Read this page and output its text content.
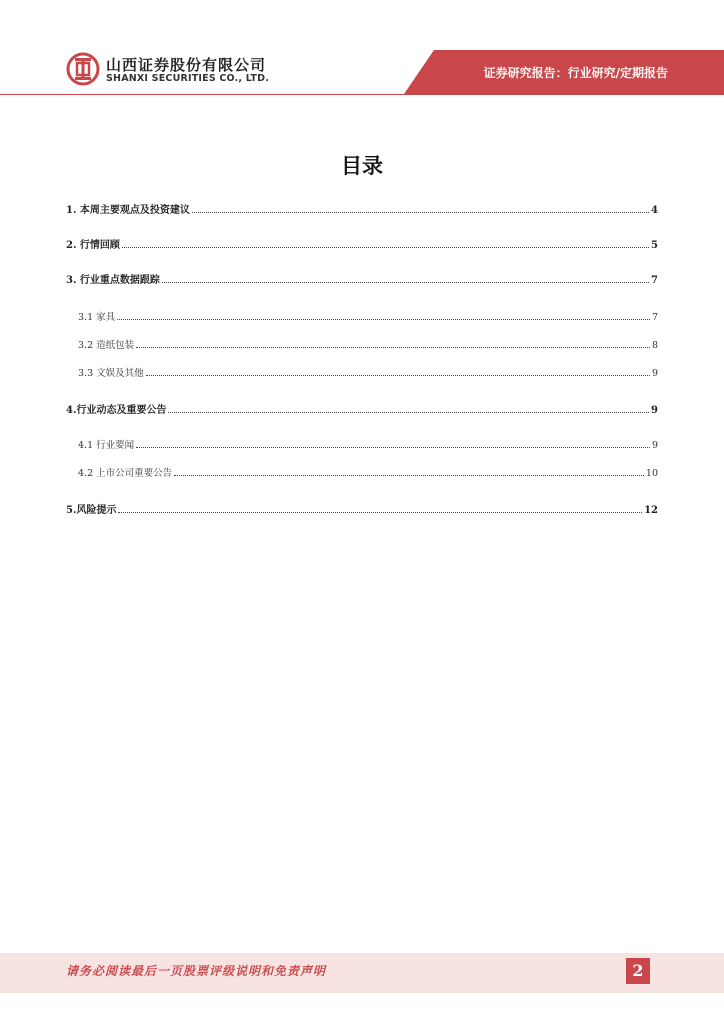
山西证券股份有限公司
SHANXI SECURITIES CO., LTD.	证券研究报告：行业研究/定期报告
目录
1. 本周主要观点及投资建议	4
2. 行情回顾	5
3. 行业重点数据跟踪	7
3.1 家具	7
3.2 造纸包装	8
3.3 文娱及其他	9
4.行业动态及重要公告	9
4.1 行业要闻	9
4.2 上市公司重要公告	10
5.风险提示	12
请务必阅读最后一页股票评级说明和免责声明	2
